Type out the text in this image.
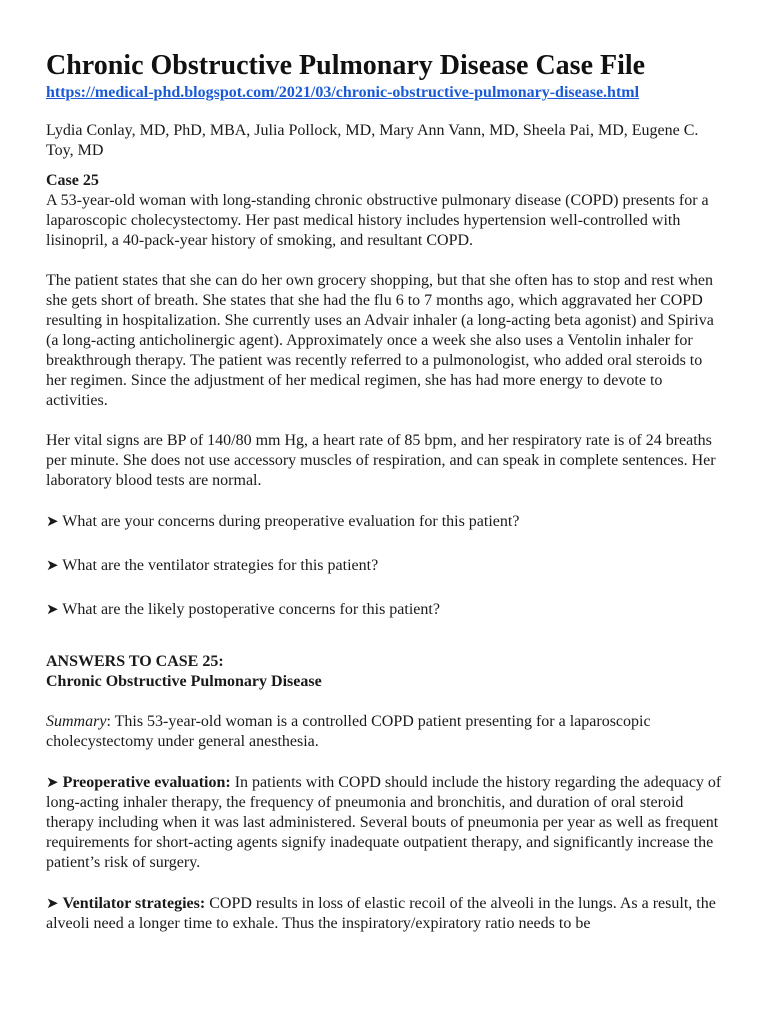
Chronic Obstructive Pulmonary Disease Case File
https://medical-phd.blogspot.com/2021/03/chronic-obstructive-pulmonary-disease.html

Lydia Conlay, MD, PhD, MBA, Julia Pollock, MD, Mary Ann Vann, MD, Sheela Pai, MD, Eugene C. Toy, MD

Case 25

A 53-year-old woman with long-standing chronic obstructive pulmonary disease (COPD) presents for a laparoscopic cholecystectomy. Her past medical history includes hypertension well-controlled with lisinopril, a 40-pack-year history of smoking, and resultant COPD.

The patient states that she can do her own grocery shopping, but that she often has to stop and rest when she gets short of breath. She states that she had the flu 6 to 7 months ago, which aggravated her COPD resulting in hospitalization. She currently uses an Advair inhaler (a long-acting beta agonist) and Spiriva (a long-acting anticholinergic agent). Approximately once a week she also uses a Ventolin inhaler for breakthrough therapy. The patient was recently referred to a pulmonologist, who added oral steroids to her regimen. Since the adjustment of her medical regimen, she has had more energy to devote to activities.

Her vital signs are BP of 140/80 mm Hg, a heart rate of 85 bpm, and her respiratory rate is of 24 breaths per minute. She does not use accessory muscles of respiration, and can speak in complete sentences. Her laboratory blood tests are normal.

➤ What are your concerns during preoperative evaluation for this patient?

➤ What are the ventilator strategies for this patient?

➤ What are the likely postoperative concerns for this patient?

ANSWERS TO CASE 25:

Chronic Obstructive Pulmonary Disease

Summary: This 53-year-old woman is a controlled COPD patient presenting for a laparoscopic cholecystectomy under general anesthesia.

➤ Preoperative evaluation: In patients with COPD should include the history regarding the adequacy of long-acting inhaler therapy, the frequency of pneumonia and bronchitis, and duration of oral steroid therapy including when it was last administered. Several bouts of pneumonia per year as well as frequent requirements for short-acting agents signify inadequate outpatient therapy, and significantly increase the patient’s risk of surgery.

➤ Ventilator strategies: COPD results in loss of elastic recoil of the alveoli in the lungs. As a result, the alveoli need a longer time to exhale. Thus the inspiratory/expiratory ratio needs to be
